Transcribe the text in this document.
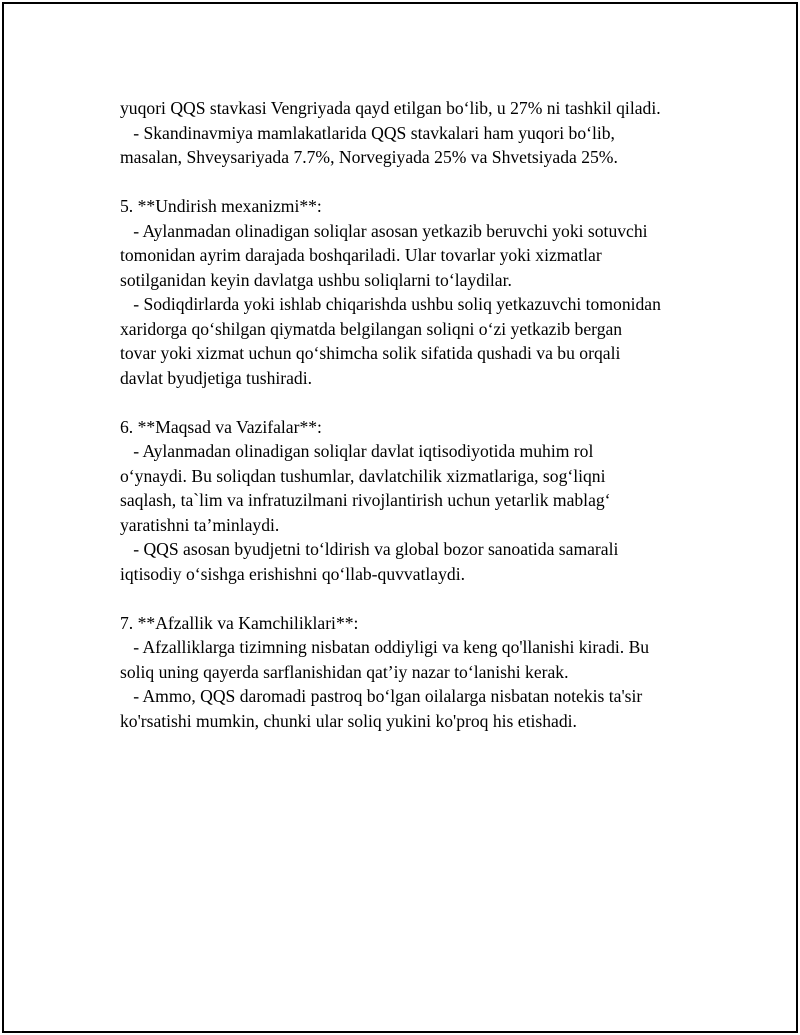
yuqori QQS stavkasi Vengriyada qayd etilgan bo‘lib, u 27% ni tashkil qiladi.
- Skandinavmiya mamlakatlarida QQS stavkalari ham yuqori bo‘lib,
masalan, Shveysariyada 7.7%, Norvegiyada 25% va Shvetsiyada 25%.
5. **Undirish mexanizmi**:
- Aylanmadan olinadigan soliqlar asosan yetkazib beruvchi yoki sotuvchi
tomonidan ayrim darajada boshqariladi. Ular tovarlar yoki xizmatlar
sotilganidan keyin davlatga ushbu soliqlarni to‘laydilar.
- Sodiqdirlarda yoki ishlab chiqarishda ushbu soliq yetkazuvchi tomonidan
xaridorga qo‘shilgan qiymatda belgilangan soliqni o‘zi yetkazib bergan
tovar yoki xizmat uchun qo‘shimcha solik sifatida qushadi va bu orqali
davlat byudjetiga tushiradi.
6. **Maqsad va Vazifalar**:
- Aylanmadan olinadigan soliqlar davlat iqtisodiyotida muhim rol
o‘ynaydi. Bu soliqdan tushumlar, davlatchilik xizmatlariga, sog‘liqni
saqlash, ta`lim va infratuzilmani rivojlantirish uchun yetarlik mablag‘
yaratishni ta’minlaydi.
- QQS asosan byudjetni to‘ldirish va global bozor sanoatida samarali
iqtisodiy o‘sishga erishishni qo‘llab-quvvatlaydi.
7. **Afzallik va Kamchiliklari**:
- Afzalliklarga tizimning nisbatan oddiyligi va keng qo'llanishi kiradi. Bu
soliq uning qayerda sarflanishidan qat’iy nazar to‘lanishi kerak.
- Ammo, QQS daromadi pastroq bo‘lgan oilalarga nisbatan notekis ta'sir
ko'rsatishi mumkin, chunki ular soliq yukini ko'proq his etishadi.
